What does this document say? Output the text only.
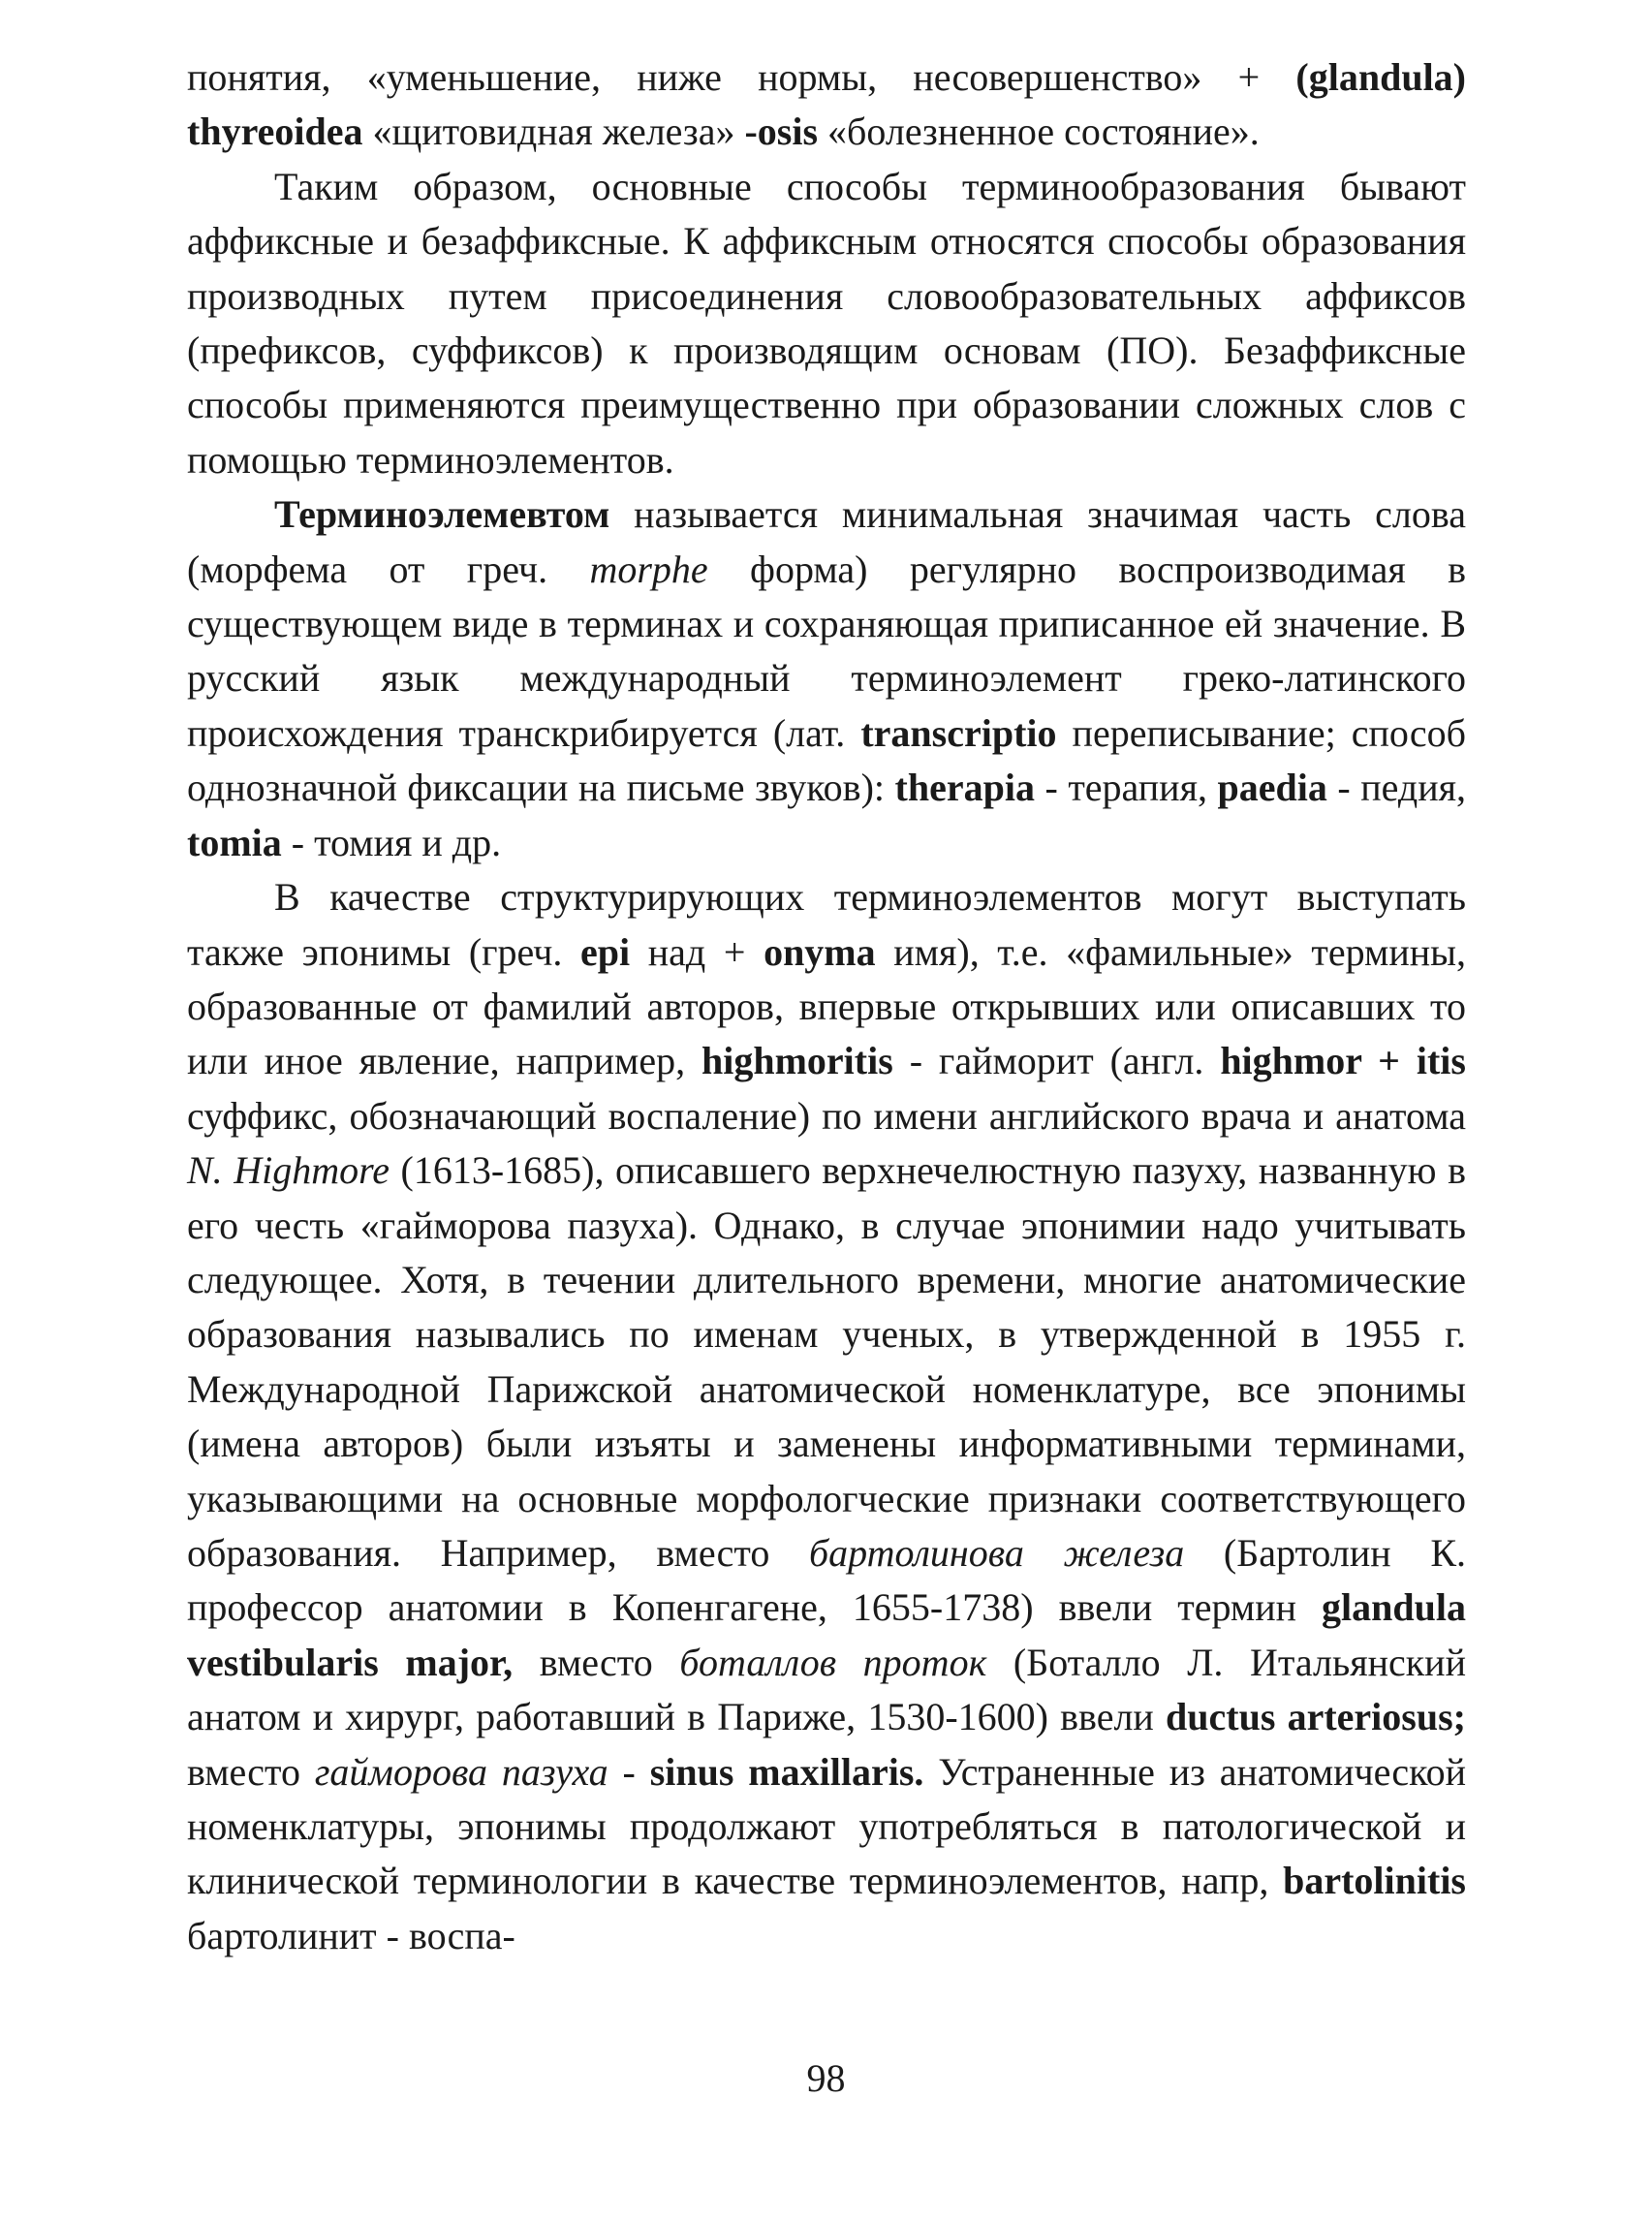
понятия, «уменьшение, ниже нормы, несовершенство» + (glandula) thyreoidea «щитовидная железа» -osis «болезненное состояние».

Таким образом, основные способы терминообразования бывают аффиксные и безаффиксные. К аффиксным относятся способы образования производных путем присоединения словообразовательных аффиксов (префиксов, суффиксов) к производящим основам (ПО). Безаффиксные способы применяются преимущественно при образовании сложных слов с помощью терминоэлементов.

Терминоэлемевтом называется минимальная значимая часть слова (морфема от греч. morphe форма) регулярно воспроизводимая в существующем виде в терминах и сохраняющая приписанное ей значение. В русский язык международный терминоэлемент греко-латинского происхождения транскрибируется (лат. transcriptio переписывание; способ однозначной фиксации на письме звуков): therapia - терапия, paedia - педия, tomia - томия и др.

В качестве структурирующих терминоэлементов могут выступать также эпонимы (греч. epi над + onyma имя), т.е. «фамильные» термины, образованные от фамилий авторов, впервые открывших или описавших то или иное явление, например, highmoritis - гайморит (англ. highmor + itis суффикс, обозначающий воспаление) по имени английского врача и анатома N. Highmore (1613-1685), описавшего верхнечелюстную пазуху, названную в его честь «гайморова пазуха). Однако, в случае эпонимии надо учитывать следующее. Хотя, в течении длительного времени, многие анатомические образования назывались по именам ученых, в утвержденной в 1955 г. Международной Парижской анатомической номенклатуре, все эпонимы (имена авторов) были изъяты и заменены информативными терминами, указывающими на основные морфологческие признаки соответствующего образования. Например, вместо бартолинова железа (Бартолин К. профессор анатомии в Копенгагене, 1655-1738) ввели термин glandula vestibularis major, вместо боталлов проток (Боталло Л. Итальянский анатом и хирург, работавший в Париже, 1530-1600) ввели ductus arteriosus; вместо гайморова пазуха - sinus maxillaris. Устраненные из анатомической номенклатуры, эпонимы продолжают употребляться в патологической и клинической терминологии в качестве терминоэлементов, напр, bartolinitis бартолинит - воспа-

98
